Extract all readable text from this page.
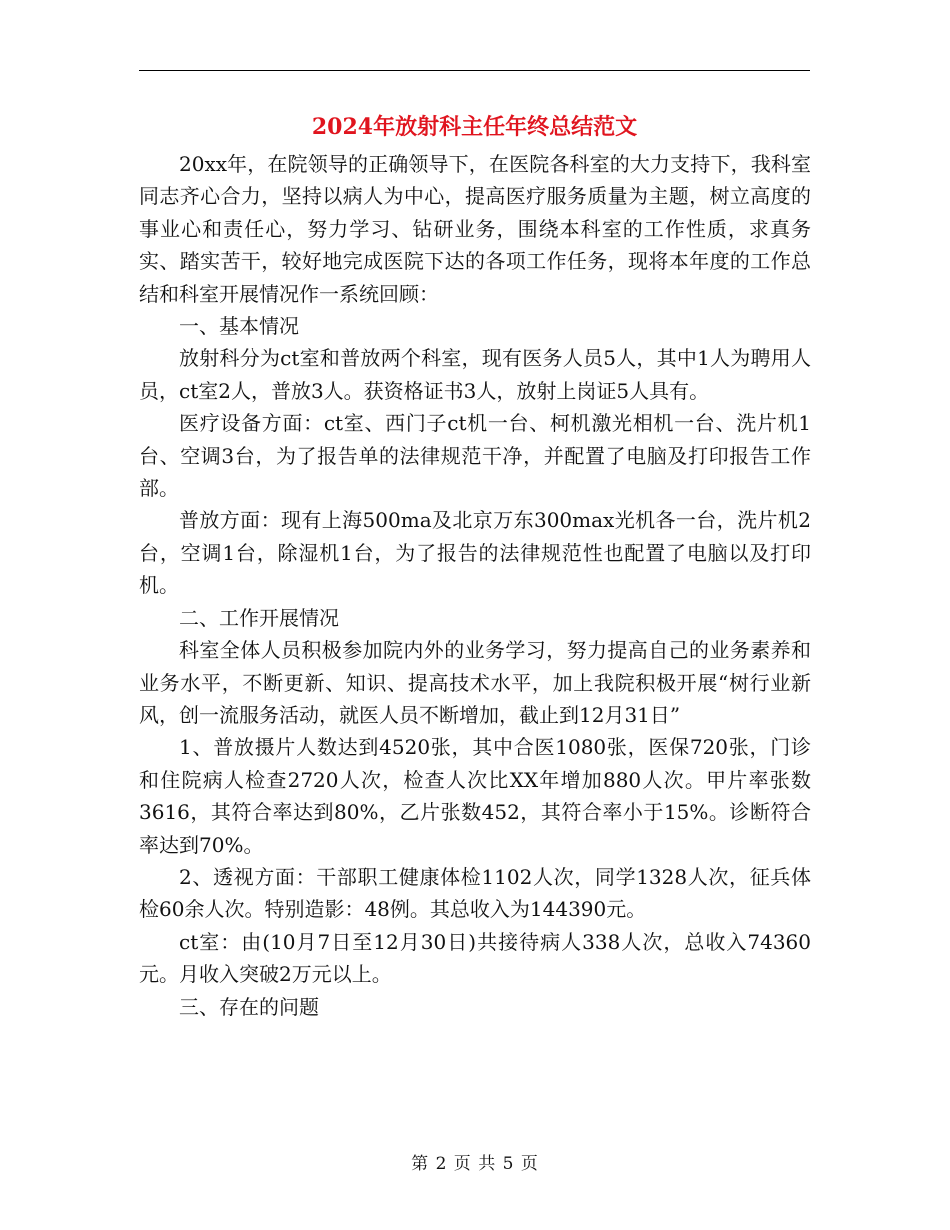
2024年放射科主任年终总结范文

20xx年，在院领导的正确领导下，在医院各科室的大力支持下，我科室同志齐心合力，坚持以病人为中心，提高医疗服务质量为主题，树立高度的事业心和责任心，努力学习、钻研业务，围绕本科室的工作性质，求真务实、踏实苦干，较好地完成医院下达的各项工作任务，现将本年度的工作总结和科室开展情况作一系统回顾：

一、基本情况

放射科分为ct室和普放两个科室，现有医务人员5人，其中1人为聘用人员，ct室2人，普放3人。获资格证书3人，放射上岗证5人具有。

医疗设备方面：ct室、西门子ct机一台、柯机激光相机一台、洗片机1台、空调3台，为了报告单的法律规范干净，并配置了电脑及打印报告工作部。

普放方面：现有上海500ma及北京万东300max光机各一台，洗片机2台，空调1台，除湿机1台，为了报告的法律规范性也配置了电脑以及打印机。

二、工作开展情况

科室全体人员积极参加院内外的业务学习，努力提高自己的业务素养和业务水平，不断更新、知识、提高技术水平，加上我院积极开展“树行业新风，创一流服务活动，就医人员不断增加，截止到12月31日”

1、普放摄片人数达到4520张，其中合医1080张，医保720张，门诊和住院病人检查2720人次，检查人次比XX年增加880人次。甲片率张数3616，其符合率达到80%，乙片张数452，其符合率小于15%。诊断符合率达到70%。

2、透视方面：干部职工健康体检1102人次，同学1328人次，征兵体检60余人次。特别造影：48例。其总收入为144390元。

ct室：由(10月7日至12月30日)共接待病人338人次，总收入74360元。月收入突破2万元以上。

三、存在的问题

第 2 页 共 5 页
